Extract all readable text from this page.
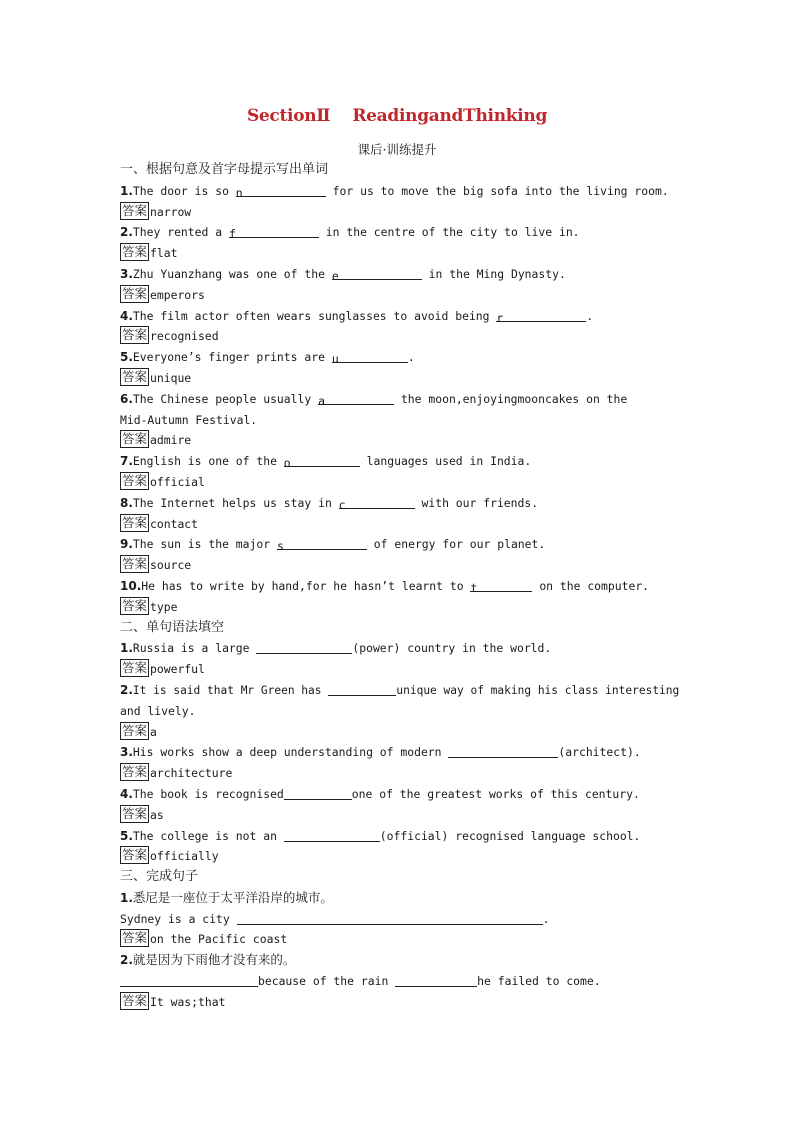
SectionⅡ ReadingandThinking
课后·训练提升
一、根据句意及首字母提示写出单词
1.The door is so n	for us to move the big sofa into the living room.
答案 narrow
2.They rented a f	in the centre of the city to live in.
答案 flat
3.Zhu Yuanzhang was one of the e	in the Ming Dynasty.
答案 emperors
4.The film actor often wears sunglasses to avoid being r	.
答案 recognised
5.Everyone’s finger prints are u	.
答案 unique
6.The Chinese people usually a	the moon,enjoyingmooncakes on the
Mid-Autumn Festival.
答案 admire
7.English is one of the o	languages used in India.
答案 official
8.The Internet helps us stay in c	with our friends.
答案 contact
9.The sun is the major s	of energy for our planet.
答案 source
10.He has to write by hand,for he hasn’t learnt to t	on the computer.
答案 type
二、单句语法填空
1.Russia is a large	(power) country in the world.
答案 powerful
2.It is said that Mr Green has	unique way of making his class interesting
and lively.
答案 a
3.His works show a deep understanding of modern	(architect).
答案 architecture
4.The book is recognised	one of the greatest works of this century.
答案 as
5.The college is not an	(official) recognised language school.
答案 officially
三、完成句子
1.悉尼是一座位于太平洋沿岸的城市。
Sydney is a city	.
答案 on the Pacific coast
2.就是因为下雨他才没有来的。
because of the rain	he failed to come.
答案 It was;that
